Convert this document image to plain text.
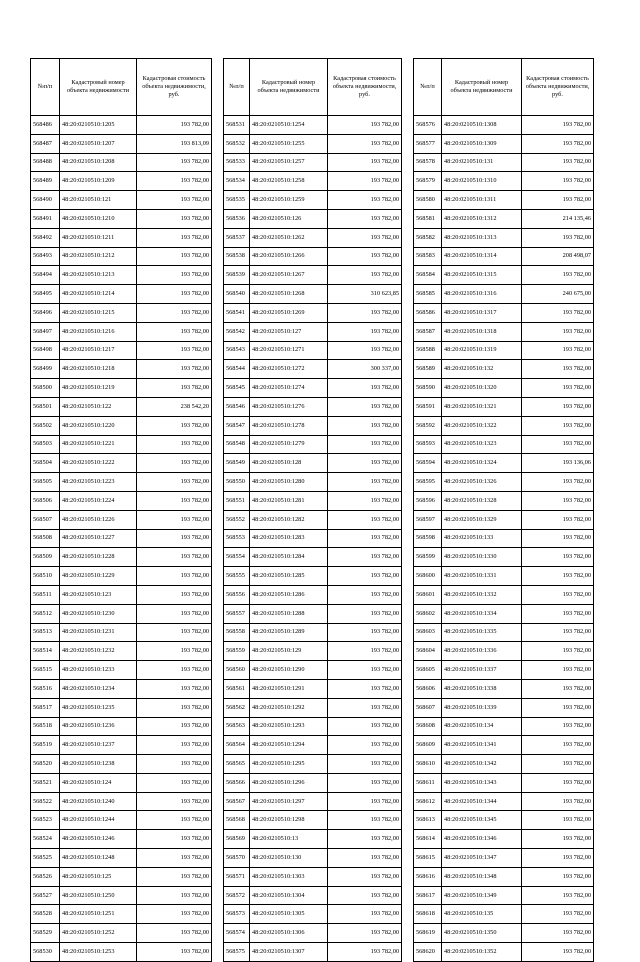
№п/п	Кадастровый номер объекта недвижимости	Кадастровая стоимость объекта недвижимости, руб.
568486	48:20:0210510:1205	193 782,00
568487	48:20:0210510:1207	193 813,09
568488	48:20:0210510:1208	193 782,00
568489	48:20:0210510:1209	193 782,00
568490	48:20:0210510:121	193 782,00
568491	48:20:0210510:1210	193 782,00
568492	48:20:0210510:1211	193 782,00
568493	48:20:0210510:1212	193 782,00
568494	48:20:0210510:1213	193 782,00
568495	48:20:0210510:1214	193 782,00
568496	48:20:0210510:1215	193 782,00
568497	48:20:0210510:1216	193 782,00
568498	48:20:0210510:1217	193 782,00
568499	48:20:0210510:1218	193 782,00
568500	48:20:0210510:1219	193 782,00
568501	48:20:0210510:122	238 542,20
568502	48:20:0210510:1220	193 782,00
568503	48:20:0210510:1221	193 782,00
568504	48:20:0210510:1222	193 782,00
568505	48:20:0210510:1223	193 782,00
568506	48:20:0210510:1224	193 782,00
568507	48:20:0210510:1226	193 782,00
568508	48:20:0210510:1227	193 782,00
568509	48:20:0210510:1228	193 782,00
568510	48:20:0210510:1229	193 782,00
568511	48:20:0210510:123	193 782,00
568512	48:20:0210510:1230	193 782,00
568513	48:20:0210510:1231	193 782,00
568514	48:20:0210510:1232	193 782,00
568515	48:20:0210510:1233	193 782,00
568516	48:20:0210510:1234	193 782,00
568517	48:20:0210510:1235	193 782,00
568518	48:20:0210510:1236	193 782,00
568519	48:20:0210510:1237	193 782,00
568520	48:20:0210510:1238	193 782,00
568521	48:20:0210510:124	193 782,00
568522	48:20:0210510:1240	193 782,00
568523	48:20:0210510:1244	193 782,00
568524	48:20:0210510:1246	193 782,00
568525	48:20:0210510:1248	193 782,00
568526	48:20:0210510:125	193 782,00
568527	48:20:0210510:1250	193 782,00
568528	48:20:0210510:1251	193 782,00
568529	48:20:0210510:1252	193 782,00
568530	48:20:0210510:1253	193 782,00
№п/п	Кадастровый номер объекта недвижимости	Кадастровая стоимость объекта недвижимости, руб.
568531	48:20:0210510:1254	193 782,00
568532	48:20:0210510:1255	193 782,00
568533	48:20:0210510:1257	193 782,00
568534	48:20:0210510:1258	193 782,00
568535	48:20:0210510:1259	193 782,00
568536	48:20:0210510:126	193 782,00
568537	48:20:0210510:1262	193 782,00
568538	48:20:0210510:1266	193 782,00
568539	48:20:0210510:1267	193 782,00
568540	48:20:0210510:1268	310 623,85
568541	48:20:0210510:1269	193 782,00
568542	48:20:0210510:127	193 782,00
568543	48:20:0210510:1271	193 782,00
568544	48:20:0210510:1272	300 337,00
568545	48:20:0210510:1274	193 782,00
568546	48:20:0210510:1276	193 782,00
568547	48:20:0210510:1278	193 782,00
568548	48:20:0210510:1279	193 782,00
568549	48:20:0210510:128	193 782,00
568550	48:20:0210510:1280	193 782,00
568551	48:20:0210510:1281	193 782,00
568552	48:20:0210510:1282	193 782,00
568553	48:20:0210510:1283	193 782,00
568554	48:20:0210510:1284	193 782,00
568555	48:20:0210510:1285	193 782,00
568556	48:20:0210510:1286	193 782,00
568557	48:20:0210510:1288	193 782,00
568558	48:20:0210510:1289	193 782,00
568559	48:20:0210510:129	193 782,00
568560	48:20:0210510:1290	193 782,00
568561	48:20:0210510:1291	193 782,00
568562	48:20:0210510:1292	193 782,00
568563	48:20:0210510:1293	193 782,00
568564	48:20:0210510:1294	193 782,00
568565	48:20:0210510:1295	193 782,00
568566	48:20:0210510:1296	193 782,00
568567	48:20:0210510:1297	193 782,00
568568	48:20:0210510:1298	193 782,00
568569	48:20:0210510:13	193 782,00
568570	48:20:0210510:130	193 782,00
568571	48:20:0210510:1303	193 782,00
568572	48:20:0210510:1304	193 782,00
568573	48:20:0210510:1305	193 782,00
568574	48:20:0210510:1306	193 782,00
568575	48:20:0210510:1307	193 782,00
№п/п	Кадастровый номер объекта недвижимости	Кадастровая стоимость объекта недвижимости, руб.
568576	48:20:0210510:1308	193 782,00
568577	48:20:0210510:1309	193 782,00
568578	48:20:0210510:131	193 782,00
568579	48:20:0210510:1310	193 782,00
568580	48:20:0210510:1311	193 782,00
568581	48:20:0210510:1312	214 135,46
568582	48:20:0210510:1313	193 782,00
568583	48:20:0210510:1314	208 498,07
568584	48:20:0210510:1315	193 782,00
568585	48:20:0210510:1316	240 675,00
568586	48:20:0210510:1317	193 782,00
568587	48:20:0210510:1318	193 782,00
568588	48:20:0210510:1319	193 782,00
568589	48:20:0210510:132	193 782,00
568590	48:20:0210510:1320	193 782,00
568591	48:20:0210510:1321	193 782,00
568592	48:20:0210510:1322	193 782,00
568593	48:20:0210510:1323	193 782,00
568594	48:20:0210510:1324	193 136,06
568595	48:20:0210510:1326	193 782,00
568596	48:20:0210510:1328	193 782,00
568597	48:20:0210510:1329	193 782,00
568598	48:20:0210510:133	193 782,00
568599	48:20:0210510:1330	193 782,00
568600	48:20:0210510:1331	193 782,00
568601	48:20:0210510:1332	193 782,00
568602	48:20:0210510:1334	193 782,00
568603	48:20:0210510:1335	193 782,00
568604	48:20:0210510:1336	193 782,00
568605	48:20:0210510:1337	193 782,00
568606	48:20:0210510:1338	193 782,00
568607	48:20:0210510:1339	193 782,00
568608	48:20:0210510:134	193 782,00
568609	48:20:0210510:1341	193 782,00
568610	48:20:0210510:1342	193 782,00
568611	48:20:0210510:1343	193 782,00
568612	48:20:0210510:1344	193 782,00
568613	48:20:0210510:1345	193 782,00
568614	48:20:0210510:1346	193 782,00
568615	48:20:0210510:1347	193 782,00
568616	48:20:0210510:1348	193 782,00
568617	48:20:0210510:1349	193 782,00
568618	48:20:0210510:135	193 782,00
568619	48:20:0210510:1350	193 782,00
568620	48:20:0210510:1352	193 782,00
